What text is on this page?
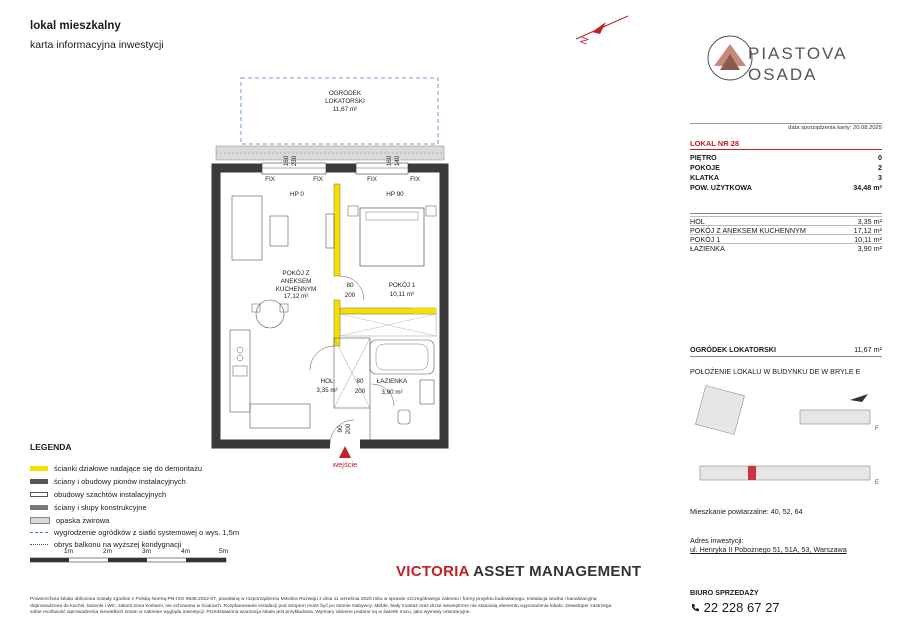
lokal mieszkalny
karta informacyjna inwestycji	N
OGRÓDEK
LOKATORSKI
11,67 m²
160 230	160 140
FIX	FIX	FIX	FIX
HP 0	HP 90
POKÓJ Z
ANEKSEM
KUCHENNYM
17,12 m²
POKÓJ 1
10,11 m²
80
200
80
200
HOL
3,35 m²
ŁAZIENKA
3,90 m²
90 200
wejście
LEGENDA
ścianki działowe nadające się do demontażu
ściany i obudowy pionów instalacyjnych
obudowy szachtów instalacyjnych
ściany i słupy konstrukcyjne
opaska żwirowa
wygrodzenie ogródków z siatki systemowej o wys. 1,5m
obrys balkonu na wyższej kondygnacji
1m	2m	3m	4m	5m
VICTORIA ASSET MANAGEMENT
Powierzchnia lokalu obliczona zostały zgodnie z Polską Normą PN-ISO 9836:2022-07, powołaną w rozporządzeniu Ministra Rozwoju z dnia 11 września 2020 roku w sprawie szczegółowego zakresu i formy projektu budowlanego. Instalacja wodna i kanalizacyjna doprowadzona do kuchni, łazienki i WC, zakończona korkami, nie schowana w ścianach. Rozplanowanie instalacji pod stropem może być po stronie Nabywcy. Meble, biały montaż oraz drzwi wewnętrzne nie stanowią elementu wyposażenia lokalu. Deweloper zastrzega sobie możliwość wprowadzenia niewielkich zmian w zakresie wyglądu inwestycji. Przedstawiona aranżacja lokalu jest przykładowa. Wymiary okienne podane są w świetle muru, jako wymiary orientacyjne.
PIASTOVA
OSADA
data sporządzenia karty: 20.08.2025
LOKAL NR 28
PIĘTRO	0
POKOJE	2
KLATKA	3
POW. UŻYTKOWA	34,48 m²
HOL	3,35 m²
POKÓJ Z ANEKSEM KUCHENNYM	17,12 m²
POKÓJ 1	10,11 m²
ŁAZIENKA	3,90 m²
OGRÓDEK LOKATORSKI	11,67 m²
POŁOŻENIE LOKALU W BUDYNKU DE W BRYLE E
F
E
Mieszkanie powtarzalne: 40, 52, 64
Adres inwestycji:
ul. Henryka II Pobożnego 51, 51A, 53, Warszawa
BIURO SPRZEDAŻY
22 228 67 27
